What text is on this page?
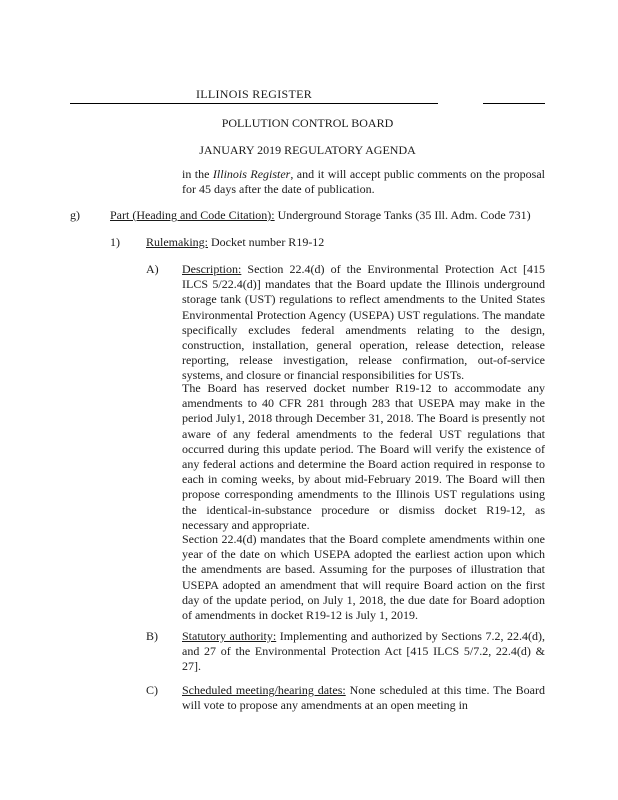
ILLINOIS REGISTER
POLLUTION CONTROL BOARD
JANUARY 2019 REGULATORY AGENDA
in the Illinois Register, and it will accept public comments on the proposal for 45 days after the date of publication.
g)	Part (Heading and Code Citation): Underground Storage Tanks (35 Ill. Adm. Code 731)
1) Rulemaking: Docket number R19-12
A) Description: Section 22.4(d) of the Environmental Protection Act [415 ILCS 5/22.4(d)] mandates that the Board update the Illinois underground storage tank (UST) regulations to reflect amendments to the United States Environmental Protection Agency (USEPA) UST regulations. The mandate specifically excludes federal amendments relating to the design, construction, installation, general operation, release detection, release reporting, release investigation, release confirmation, out-of-service systems, and closure or financial responsibilities for USTs.
The Board has reserved docket number R19-12 to accommodate any amendments to 40 CFR 281 through 283 that USEPA may make in the period July1, 2018 through December 31, 2018. The Board is presently not aware of any federal amendments to the federal UST regulations that occurred during this update period. The Board will verify the existence of any federal actions and determine the Board action required in response to each in coming weeks, by about mid-February 2019. The Board will then propose corresponding amendments to the Illinois UST regulations using the identical-in-substance procedure or dismiss docket R19-12, as necessary and appropriate.
Section 22.4(d) mandates that the Board complete amendments within one year of the date on which USEPA adopted the earliest action upon which the amendments are based. Assuming for the purposes of illustration that USEPA adopted an amendment that will require Board action on the first day of the update period, on July 1, 2018, the due date for Board adoption of amendments in docket R19-12 is July 1, 2019.
B) Statutory authority: Implementing and authorized by Sections 7.2, 22.4(d), and 27 of the Environmental Protection Act [415 ILCS 5/7.2, 22.4(d) & 27].
C) Scheduled meeting/hearing dates: None scheduled at this time. The Board will vote to propose any amendments at an open meeting in
